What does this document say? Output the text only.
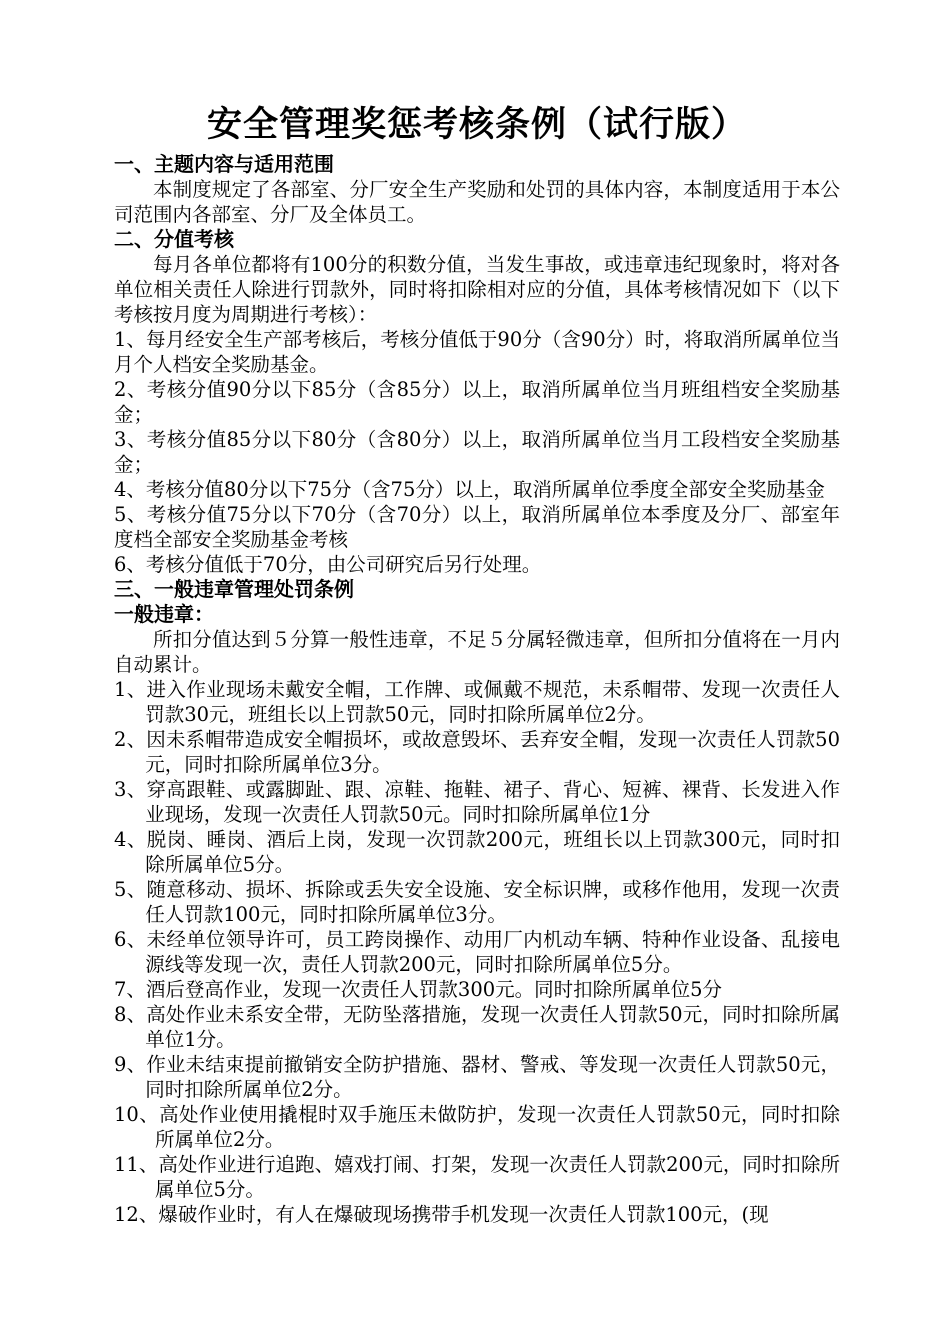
安全管理奖惩考核条例（试行版）

一、主题内容与适用范围

本制度规定了各部室、分厂安全生产奖励和处罚的具体内容，本制度适用于本公司范围内各部室、分厂及全体员工。

二、分值考核

每月各单位都将有100分的积数分值，当发生事故，或违章违纪现象时，将对各单位相关责任人除进行罚款外，同时将扣除相对应的分值，具体考核情况如下（以下考核按月度为周期进行考核）：

1、每月经安全生产部考核后，考核分值低于90分（含90分）时，将取消所属单位当月个人档安全奖励基金。

2、考核分值90分以下85分（含85分）以上，取消所属单位当月班组档安全奖励基金；

3、考核分值85分以下80分（含80分）以上，取消所属单位当月工段档安全奖励基金；

4、考核分值80分以下75分（含75分）以上，取消所属单位季度全部安全奖励基金

5、考核分值75分以下70分（含70分）以上，取消所属单位本季度及分厂、部室年度档全部安全奖励基金考核

6、考核分值低于70分，由公司研究后另行处理。

三、一般违章管理处罚条例

一般违章：

所扣分值达到５分算一般性违章，不足５分属轻微违章，但所扣分值将在一月内自动累计。

1、进入作业现场未戴安全帽，工作牌、或佩戴不规范，未系帽带、发现一次责任人罚款30元，班组长以上罚款50元，同时扣除所属单位2分。

2、因未系帽带造成安全帽损坏，或故意毁坏、丢弃安全帽，发现一次责任人罚款50元，同时扣除所属单位3分。

3、穿高跟鞋、或露脚趾、跟、凉鞋、拖鞋、裙子、背心、短裤、裸背、长发进入作业现场，发现一次责任人罚款50元。同时扣除所属单位1分

4、脱岗、睡岗、酒后上岗，发现一次罚款200元，班组长以上罚款300元，同时扣除所属单位5分。

5、随意移动、损坏、拆除或丢失安全设施、安全标识牌，或移作他用，发现一次责任人罚款100元，同时扣除所属单位3分。

6、未经单位领导许可，员工跨岗操作、动用厂内机动车辆、特种作业设备、乱接电源线等发现一次，责任人罚款200元，同时扣除所属单位5分。

7、酒后登高作业，发现一次责任人罚款300元。同时扣除所属单位5分

8、高处作业未系安全带，无防坠落措施，发现一次责任人罚款50元，同时扣除所属单位1分。

9、作业未结束提前撤销安全防护措施、器材、警戒、等发现一次责任人罚款50元，同时扣除所属单位2分。

10、高处作业使用撬棍时双手施压未做防护，发现一次责任人罚款50元，同时扣除所属单位2分。

11、高处作业进行追跑、嬉戏打闹、打架，发现一次责任人罚款200元，同时扣除所属单位5分。

12、爆破作业时，有人在爆破现场携带手机发现一次责任人罚款100元，(现
